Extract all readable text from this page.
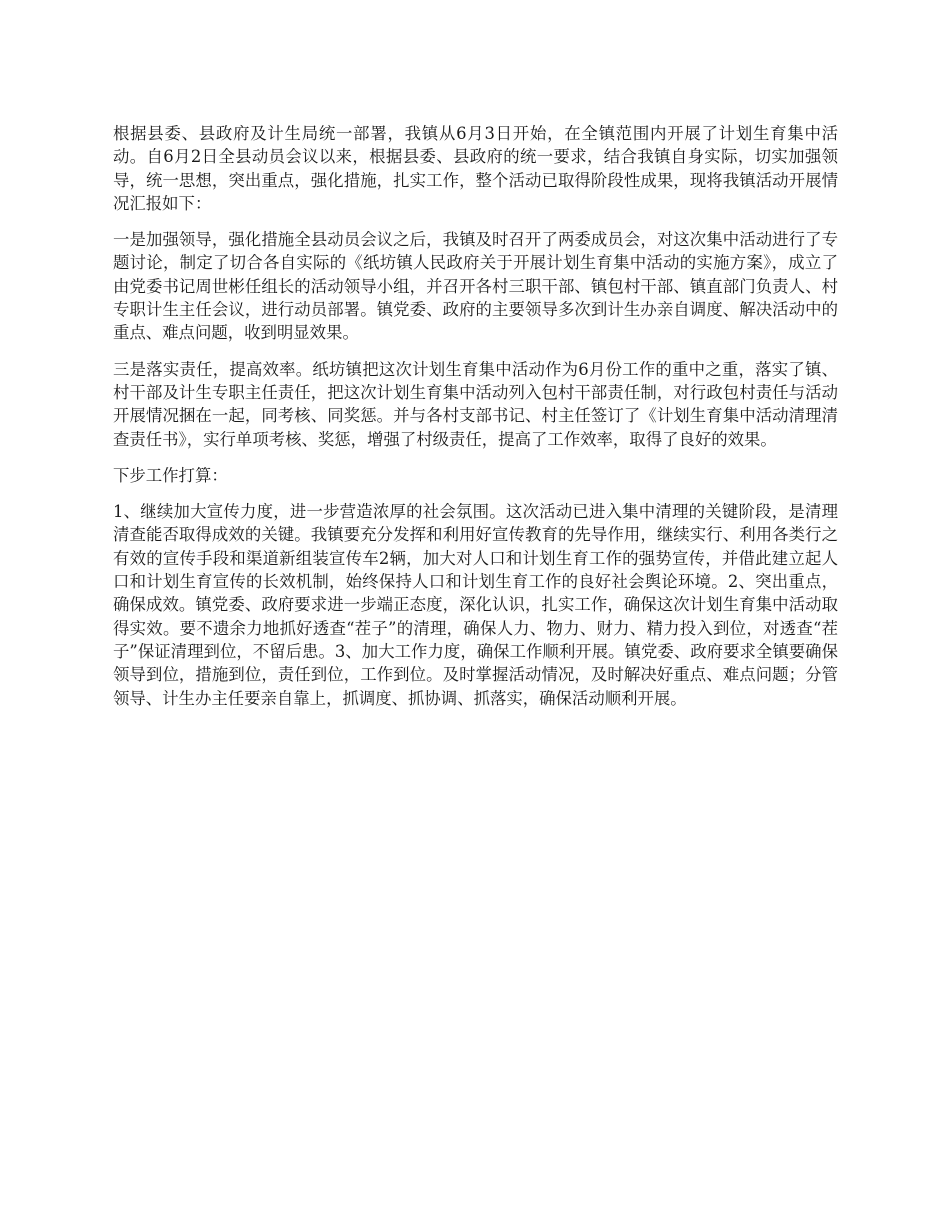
根据县委、县政府及计生局统一部署，我镇从6月3日开始，在全镇范围内开展了计划生育集中活动。自6月2日全县动员会议以来，根据县委、县政府的统一要求，结合我镇自身实际，切实加强领导，统一思想，突出重点，强化措施，扎实工作，整个活动已取得阶段性成果，现将我镇活动开展情况汇报如下：

一是加强领导，强化措施全县动员会议之后，我镇及时召开了两委成员会，对这次集中活动进行了专题讨论，制定了切合各自实际的《纸坊镇人民政府关于开展计划生育集中活动的实施方案》，成立了由党委书记周世彬任组长的活动领导小组，并召开各村三职干部、镇包村干部、镇直部门负责人、村专职计生主任会议，进行动员部署。镇党委、政府的主要领导多次到计生办亲自调度、解决活动中的重点、难点问题，收到明显效果。

三是落实责任，提高效率。纸坊镇把这次计划生育集中活动作为6月份工作的重中之重，落实了镇、村干部及计生专职主任责任，把这次计划生育集中活动列入包村干部责任制，对行政包村责任与活动开展情况捆在一起，同考核、同奖惩。并与各村支部书记、村主任签订了《计划生育集中活动清理清查责任书》，实行单项考核、奖惩，增强了村级责任，提高了工作效率，取得了良好的效果。

下步工作打算：

1、继续加大宣传力度，进一步营造浓厚的社会氛围。这次活动已进入集中清理的关键阶段，是清理清查能否取得成效的关键。我镇要充分发挥和利用好宣传教育的先导作用，继续实行、利用各类行之有效的宣传手段和渠道新组装宣传车2辆，加大对人口和计划生育工作的强势宣传，并借此建立起人口和计划生育宣传的长效机制，始终保持人口和计划生育工作的良好社会舆论环境。2、突出重点，确保成效。镇党委、政府要求进一步端正态度，深化认识，扎实工作，确保这次计划生育集中活动取得实效。要不遗余力地抓好透查“茬子”的清理，确保人力、物力、财力、精力投入到位，对透查“茬子”保证清理到位，不留后患。3、加大工作力度，确保工作顺利开展。镇党委、政府要求全镇要确保领导到位，措施到位，责任到位，工作到位。及时掌握活动情况，及时解决好重点、难点问题；分管领导、计生办主任要亲自靠上，抓调度、抓协调、抓落实，确保活动顺利开展。
